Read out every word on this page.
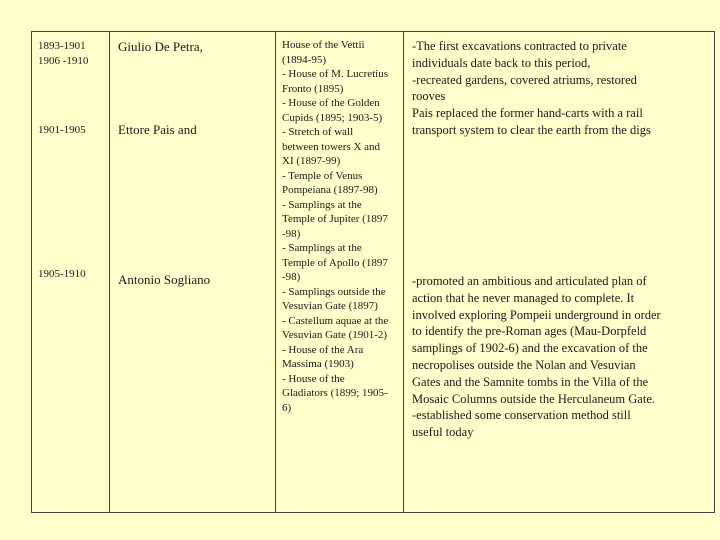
1893-1901
1906 -1910
1901-1905
1905-1910
Giulio De Petra,
Ettore Pais and
Antonio Sogliano
House of the Vettii
(1894-95)
- House of M. Lucretius
Fronto (1895)
- House of the Golden
Cupids (1895; 1903-5)
- Stretch of wall
between towers X and
XI (1897-99)
- Temple of Venus
Pompeiana (1897-98)
- Samplings at the
Temple of Jupiter (1897
-98)
- Samplings at the
Temple of Apollo (1897
-98)
- Samplings outside the
Vesuvian Gate (1897)
- Castellum aquae at the
Vesuvian Gate (1901-2)
- House of the Ara
Massima (1903)
- House of the
Gladiators (1899; 1905-
6)
-The first excavations contracted to private
individuals date back to this period,
-recreated gardens, covered atriums, restored
rooves
Pais replaced the former hand-carts with a rail
transport system to clear the earth from the digs
-promoted an ambitious and articulated plan of
action that he never managed to complete. It
involved exploring Pompeii underground in order
to identify the pre-Roman ages (Mau-Dorpfeld
samplings of 1902-6) and the excavation of the
necropolises outside the Nolan and Vesuvian
Gates and the Samnite tombs in the Villa of the
Mosaic Columns outside the Herculaneum Gate.
-established some conservation method still
useful today
